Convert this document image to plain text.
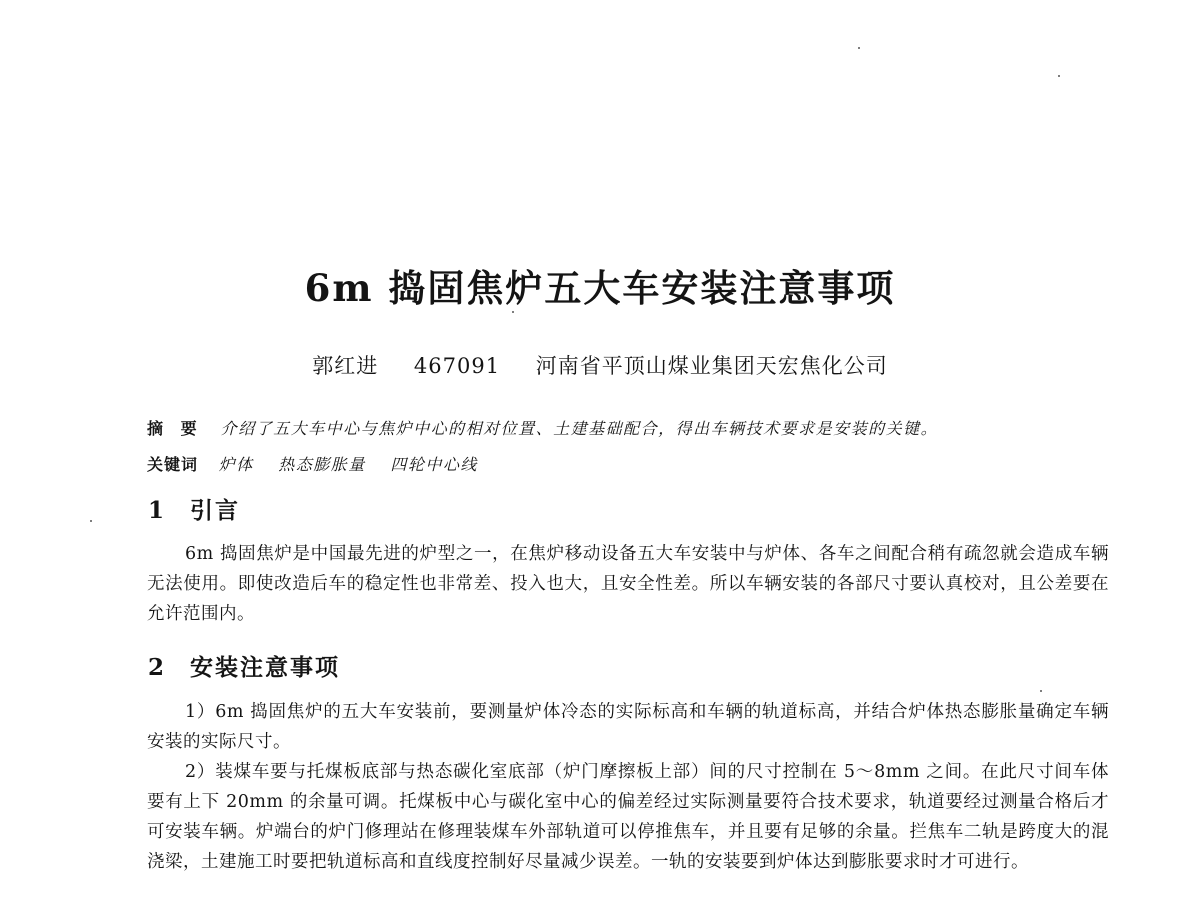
6m 捣固焦炉五大车安装注意事项
郭红进 467091 河南省平顶山煤业集团天宏焦化公司
摘 要 介绍了五大车中心与焦炉中心的相对位置、土建基础配合，得出车辆技术要求是安装的关键。
关键词 炉体 热态膨胀量 四轮中心线
1 引言
6m 捣固焦炉是中国最先进的炉型之一，在焦炉移动设备五大车安装中与炉体、各车之间配合稍有疏忽就会造成车辆无法使用。即使改造后车的稳定性也非常差、投入也大，且安全性差。所以车辆安装的各部尺寸要认真校对，且公差要在允许范围内。
2 安装注意事项
1）6m 捣固焦炉的五大车安装前，要测量炉体冷态的实际标高和车辆的轨道标高，并结合炉体热态膨胀量确定车辆安装的实际尺寸。
2）装煤车要与托煤板底部与热态碳化室底部（炉门摩擦板上部）间的尺寸控制在 5～8mm 之间。在此尺寸间车体要有上下 20mm 的余量可调。托煤板中心与碳化室中心的偏差经过实际测量要符合技术要求，轨道要经过测量合格后才可安装车辆。炉端台的炉门修理站在修理装煤车外部轨道可以停推焦车，并且要有足够的余量。拦焦车二轨是跨度大的混浇梁，土建施工时要把轨道标高和直线度控制好尽量减少误差。一轨的安装要到炉体达到膨胀要求时才可进行。
